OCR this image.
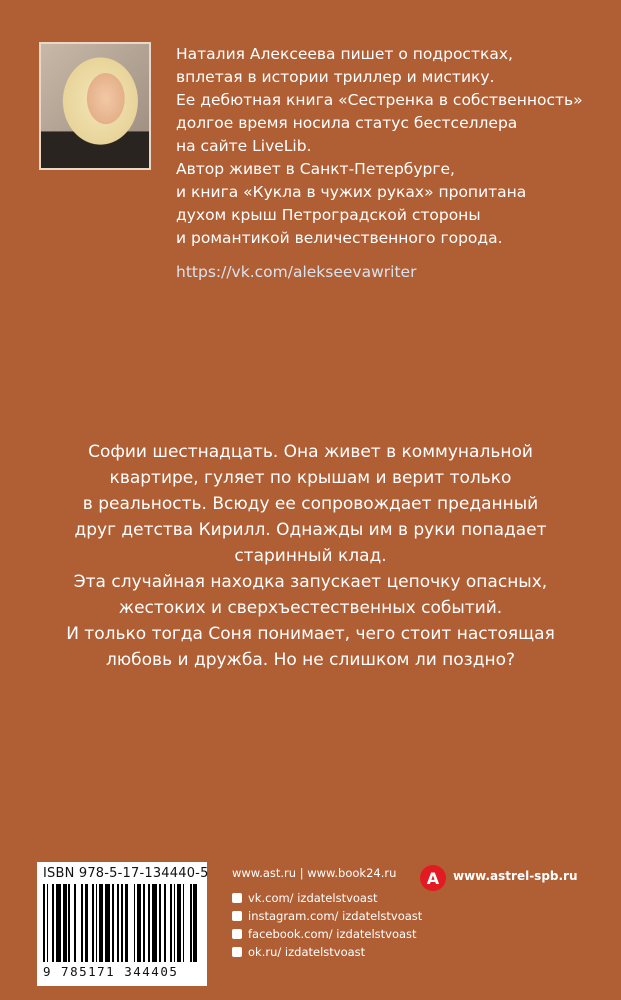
Наталия Алексеева пишет о подростках,

вплетая в истории триллер и мистику.

Ее дебютная книга «Сестренка в собственность»

долгое время носила статус бестселлера

на сайте LiveLib.

Автор живет в Санкт-Петербурге,

и книга «Кукла в чужих руках» пропитана

духом крыш Петроградской стороны

и романтикой величественного города.

https://vk.com/alekseevawriter

Софии шестнадцать. Она живет в коммунальной

квартире, гуляет по крышам и верит только

в реальность. Всюду ее сопровождает преданный

друг детства Кирилл. Однажды им в руки попадает

старинный клад.

Эта случайная находка запускает цепочку опасных,

жестоких и сверхъестественных событий.

И только тогда Соня понимает, чего стоит настоящая

любовь и дружба. Но не слишком ли поздно?

ISBN 978-5-17-134440-5
9 785171 344405
www.ast.ru | www.book24.ru
vk.com/
izdatelstvoast
instagram.com/
izdatelstvoast
facebook.com/
izdatelstvoast
ok.ru/
izdatelstvoast
А	www.astrel-spb.ru
